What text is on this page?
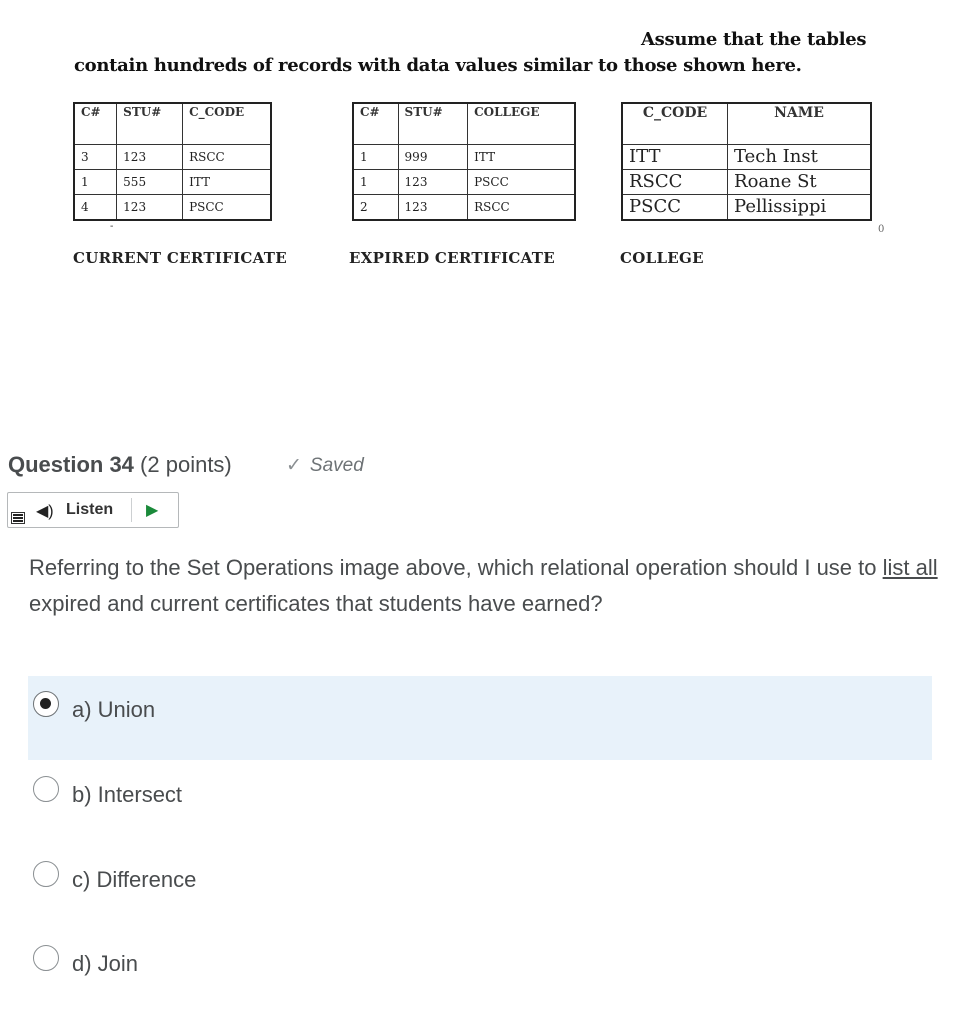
Assume that the tables
contain hundreds of records with data values similar to those shown here.
C#	STU#	C_CODE
3	123	RSCC
1	555	ITT
4	123	PSCC
C#	STU#	COLLEGE
1	999	ITT
1	123	PSCC
2	123	RSCC
C_CODE	NAME
ITT	Tech Inst
RSCC	Roane St
PSCC	Pellissippi
-	0
CURRENT CERTIFICATE	EXPIRED CERTIFICATE	COLLEGE
Question 34 (2 points)	✓ Saved
◀) Listen ▶
Referring to the Set Operations image above, which relational operation should I use to list all expired and current certificates that students have earned?
a) Union
b) Intersect
c) Difference
d) Join
